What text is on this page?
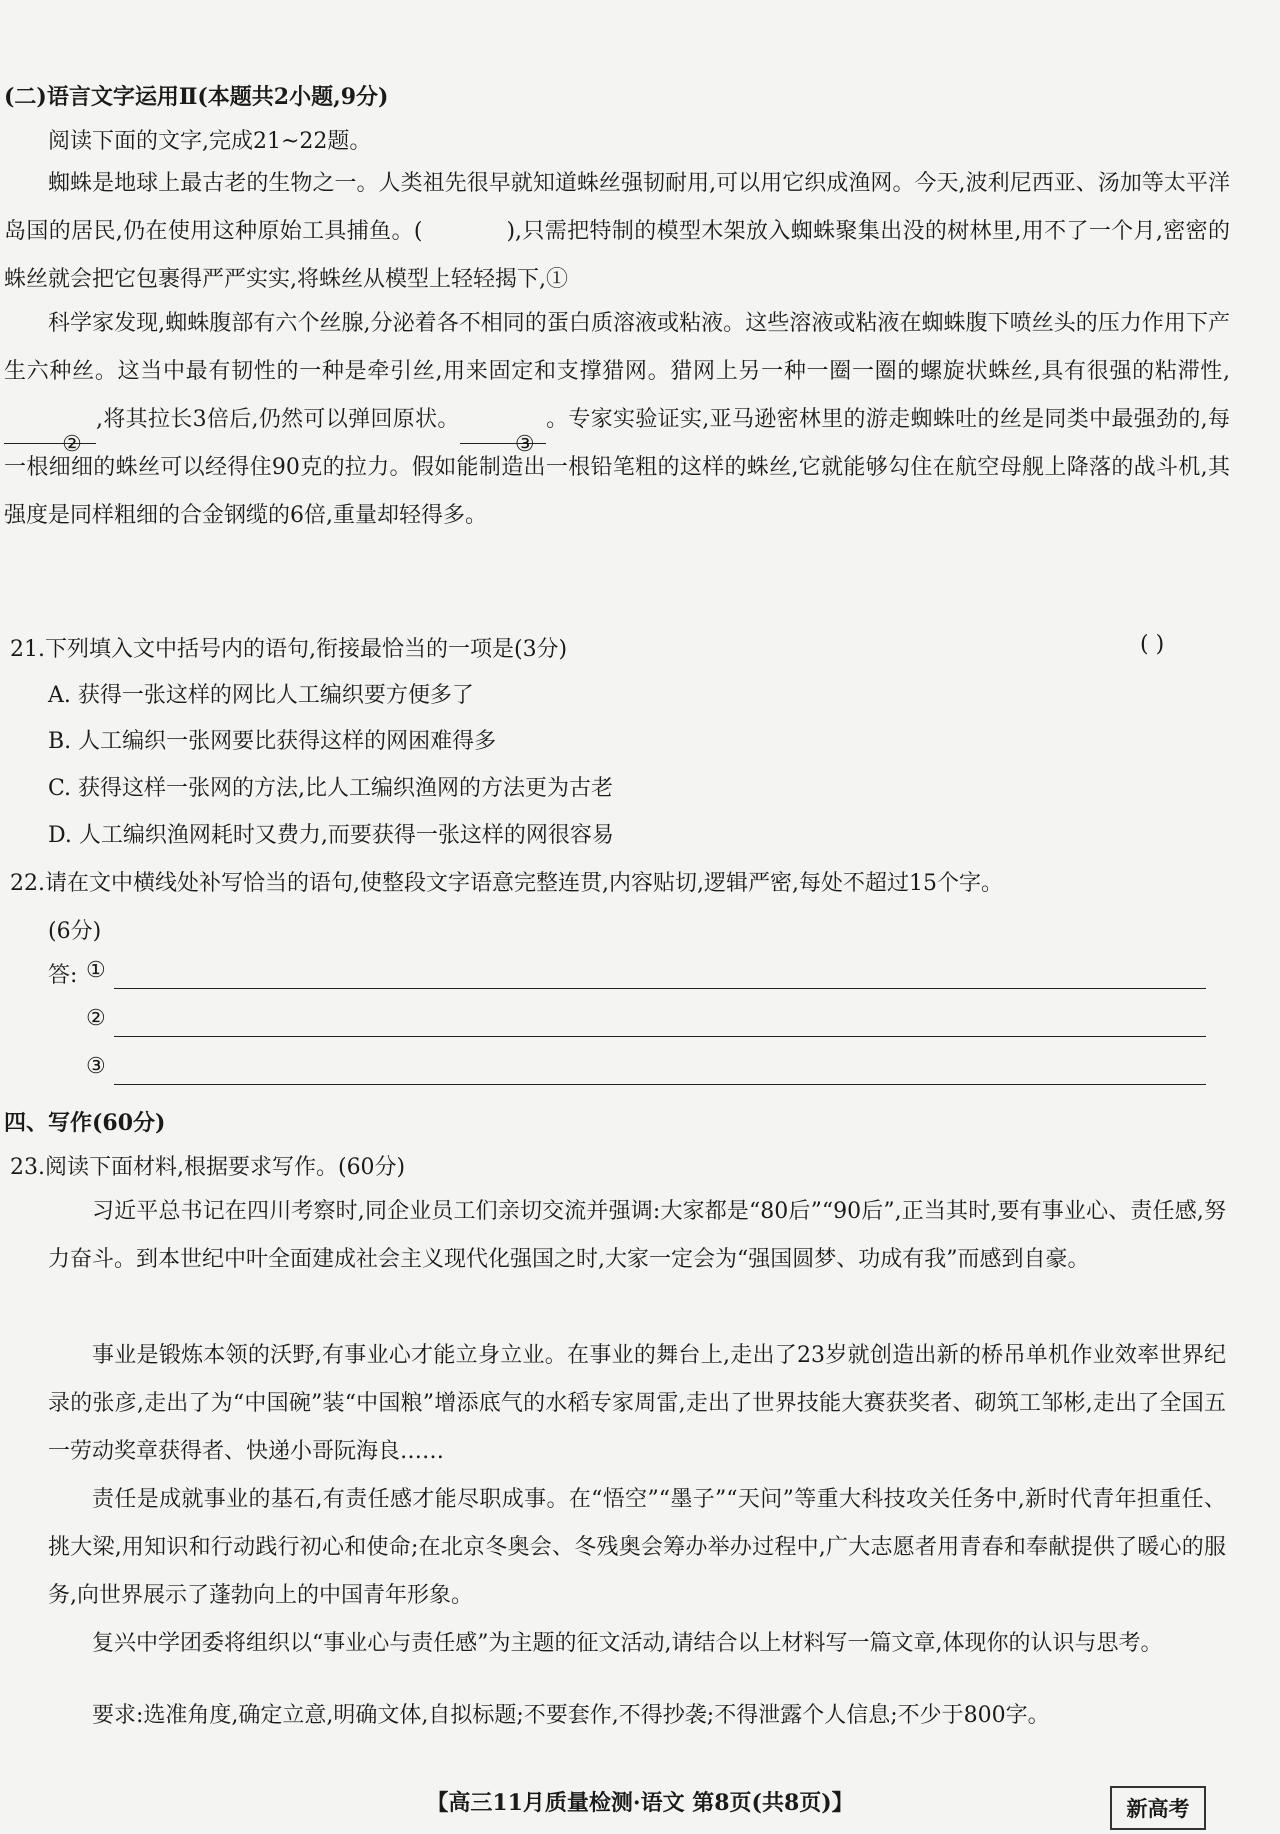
(二)语言文字运用Ⅱ(本题共2小题,9分)
阅读下面的文字,完成21~22题。
蜘蛛是地球上最古老的生物之一。人类祖先很早就知道蛛丝强韧耐用,可以用它织成渔网。今天,波利尼西亚、汤加等太平洋岛国的居民,仍在使用这种原始工具捕鱼。(	),只需把特制的模型木架放入蜘蛛聚集出没的树林里,用不了一个月,密密的蛛丝就会把它包裹得严严实实,将蛛丝从模型上轻轻揭下,①
科学家发现,蜘蛛腹部有六个丝腺,分泌着各不相同的蛋白质溶液或粘液。这些溶液或粘液在蜘蛛腹下喷丝头的压力作用下产生六种丝。这当中最有韧性的一种是牵引丝,用来固定和支撑猎网。猎网上另一种一圈一圈的螺旋状蛛丝,具有很强的粘滞性,②,将其拉长3倍后,仍然可以弹回原状。③。专家实验证实,亚马逊密林里的游走蜘蛛吐的丝是同类中最强劲的,每一根细细的蛛丝可以经得住90克的拉力。假如能制造出一根铅笔粗的这样的蛛丝,它就能够勾住在航空母舰上降落的战斗机,其强度是同样粗细的合金钢缆的6倍,重量却轻得多。
21.下列填入文中括号内的语句,衔接最恰当的一项是(3分)	( )
A. 获得一张这样的网比人工编织要方便多了
B. 人工编织一张网要比获得这样的网困难得多
C. 获得这样一张网的方法,比人工编织渔网的方法更为古老
D. 人工编织渔网耗时又费力,而要获得一张这样的网很容易
22.请在文中横线处补写恰当的语句,使整段文字语意完整连贯,内容贴切,逻辑严密,每处不超过15个字。
(6分)
答: ①
②
③
四、写作(60分)
23.阅读下面材料,根据要求写作。(60分)
习近平总书记在四川考察时,同企业员工们亲切交流并强调:大家都是“80后”“90后”,正当其时,要有事业心、责任感,努力奋斗。到本世纪中叶全面建成社会主义现代化强国之时,大家一定会为“强国圆梦、功成有我”而感到自豪。
事业是锻炼本领的沃野,有事业心才能立身立业。在事业的舞台上,走出了23岁就创造出新的桥吊单机作业效率世界纪录的张彦,走出了为“中国碗”装“中国粮”增添底气的水稻专家周雷,走出了世界技能大赛获奖者、砌筑工邹彬,走出了全国五一劳动奖章获得者、快递小哥阮海良……
责任是成就事业的基石,有责任感才能尽职成事。在“悟空”“墨子”“天问”等重大科技攻关任务中,新时代青年担重任、挑大梁,用知识和行动践行初心和使命;在北京冬奥会、冬残奥会筹办举办过程中,广大志愿者用青春和奉献提供了暖心的服务,向世界展示了蓬勃向上的中国青年形象。
复兴中学团委将组织以“事业心与责任感”为主题的征文活动,请结合以上材料写一篇文章,体现你的认识与思考。
要求:选准角度,确定立意,明确文体,自拟标题;不要套作,不得抄袭;不得泄露个人信息;不少于800字。
【高三11月质量检测·语文 第8页(共8页)】	新高考
